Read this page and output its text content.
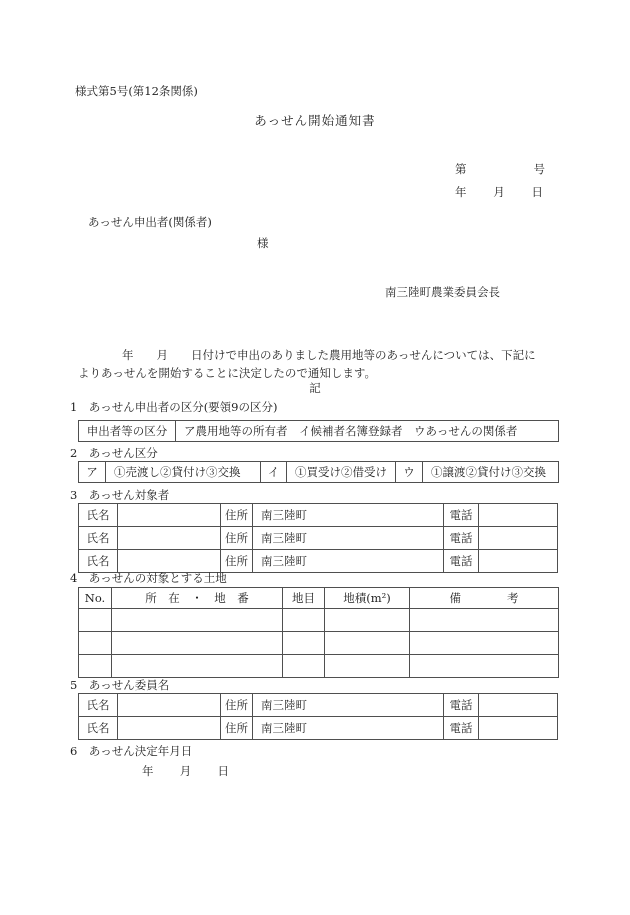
様式第5号(第12条関係)
あっせん開始通知書
第	号
年 月 日
あっせん申出者(関係者)
様
南三陸町農業委員会長
年　　月　　日付けで申出のありました農用地等のあっせんについては、下記に
よりあっせんを開始することに決定したので通知します。
記
1　あっせん申出者の区分(要領9の区分)
申出者等の区分	ア農用地等の所有者　イ候補者名簿登録者　ウあっせんの関係者
2　あっせん区分
ア	①売渡し②貸付け③交換	イ	①買受け②借受け	ウ	①譲渡②貸付け③交換
3　あっせん対象者
氏名		住所	南三陸町	電話	
氏名		住所	南三陸町	電話	
氏名		住所	南三陸町	電話	
4　あっせんの対象とする土地
No.	所　在　・　地　番	地目	地積(m²)	備　　　　考

5　あっせん委員名
氏名		住所	南三陸町	電話	
氏名		住所	南三陸町	電話	
6　あっせん決定年月日
年 月 日
